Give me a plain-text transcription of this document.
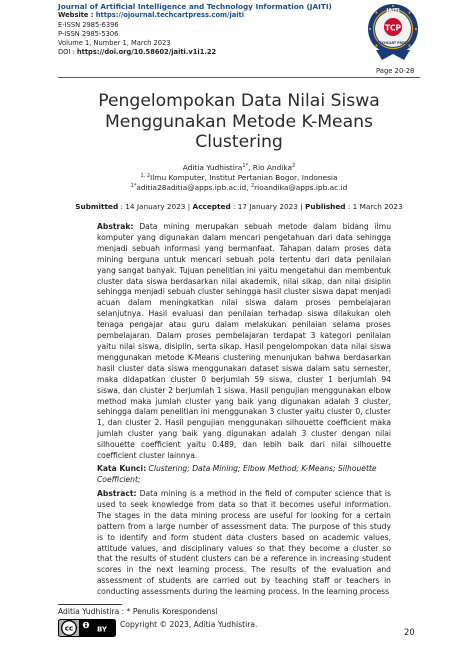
Journal of Artificial Intelligence and Technology Information (JAITI)
Website : https://ojournal.techcartpress.com/jaiti
E-ISSN 2985-6396
P-ISSN 2985-5306
Volume 1, Number 1, March 2023
DOI : https://doi.org/10.58602/jaiti.v1i1.22
JAITI
TCP
TECHCART PRESS
Page 20-28
Pengelompokan Data Nilai Siswa
Menggunakan Metode K-Means
Clustering
Aditia Yudhistira$^{1*}$, Rio Andika$^2$
$^{1, 2}$Ilmu Komputer, Institut Pertanian Bogor, Indonesia
$^{1*}$aditia28aditia@apps.ipb.ac.id, $^2$rioandika@apps.ipb.ac.id
Submitted : 14 January 2023 | Accepted : 17 January 2023 | Published : 1 March 2023
Abstrak: Data mining merupakan sebuah metode dalam bidang ilmu komputer yang digunakan dalam mencari pengetahuan dari data sehingga menjadi sebuah informasi yang bermanfaat. Tahapan dalam proses data mining berguna untuk mencari sebuah pola tertentu dari data penilaian yang sangat banyak. Tujuan penelitian ini yaitu mengetahui dan membentuk cluster data siswa berdasarkan nilai akademik, nilai sikap, dan nilai disiplin sehingga menjadi sebuah cluster sehingga hasil cluster siswa dapat menjadi acuan dalam meningkatkan nilai siswa dalam proses pembelajaran selanjutnya. Hasil evaluasi dan penilaian terhadap siswa dilakukan oleh tenaga pengajar atau guru dalam melakukan penilaian selama proses pembelajaran. Dalam proses pembelajaran terdapat 3 kategori penilaian yaitu nilai siswa, disiplin, serta sikap. Hasil pengelompokan data nilai siswa menggunakan metode K-Means clustering menunjukan bahwa berdasarkan hasil cluster data siswa menggunakan dataset siswa dalam satu semester, maka didapatkan cluster 0 berjumlah 59 siswa, cluster 1 berjumlah 94 siswa, dan cluster 2 berjumlah 1 siswa. Hasil pengujian menggunakan elbow method maka jumlah cluster yang baik yang digunakan adalah 3 cluster, sehingga dalam penelitian ini menggunakan 3 cluster yaitu cluster 0, cluster 1, dan cluster 2. Hasil pengujian menggunakan silhouette coefficient maka jumlah cluster yang baik yang digunakan adalah 3 cluster dengan nilai silhouette coefficient yaitu 0.489, dan lebih baik dari nilai silhouette coefficient cluster lainnya.
Kata Kunci: Clustering; Data Mining; Elbow Method; K-Means; Silhouette Coefficient;
Abstract: Data mining is a method in the field of computer science that is used to seek knowledge from data so that it becomes useful information. The stages in the data mining process are useful for looking for a certain pattern from a large number of assessment data. The purpose of this study is to identify and form student data clusters based on academic values, attitude values, and disciplinary values so that they become a cluster so that the results of student clusters can be a reference in increasing student scores in the next learning process. The results of the evaluation and assessment of students are carried out by teaching staff or teachers in conducting assessments during the learning process. In the learning process
Aditia Yudhistira : * Penulis Korespondensi
cc	BY
Copyright © 2023, Aditia Yudhistira.
20
